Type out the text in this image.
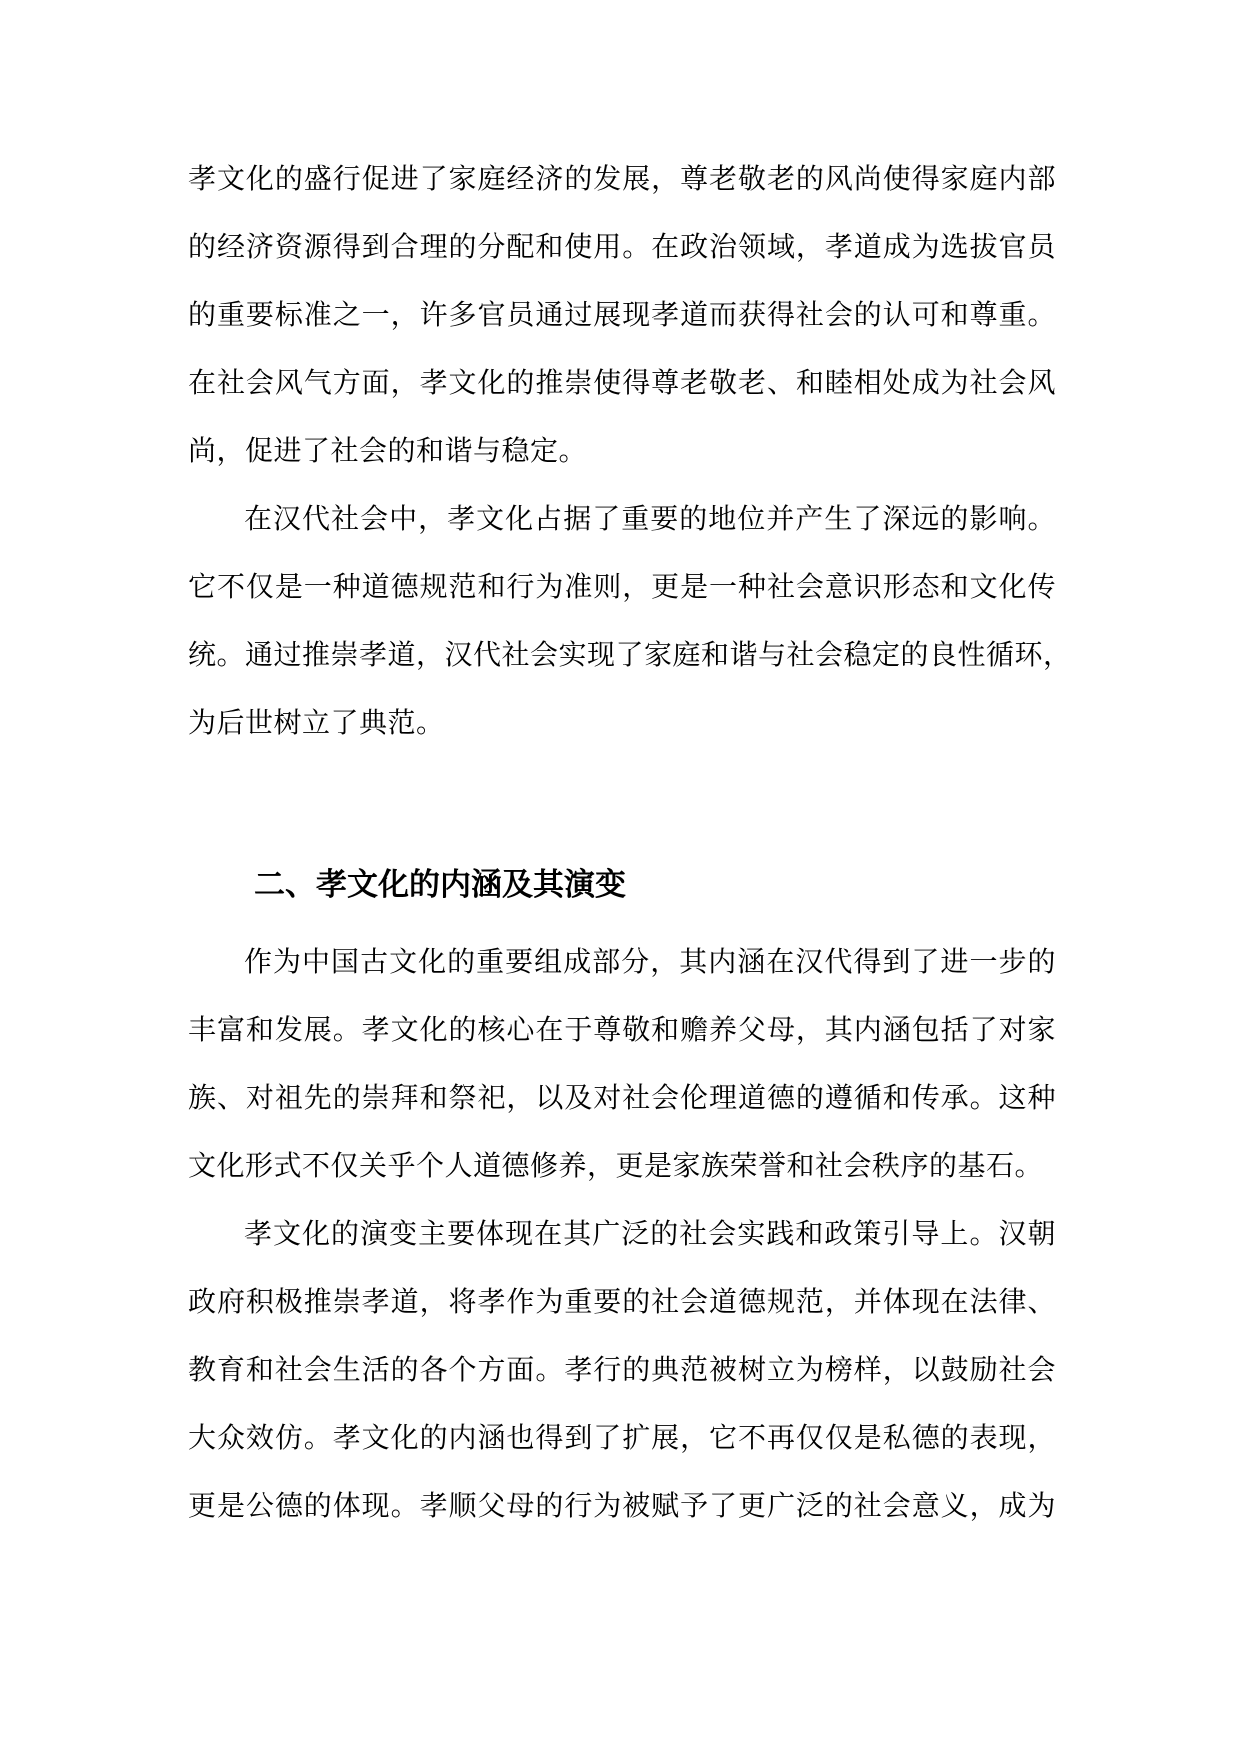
孝文化的盛行促进了家庭经济的发展，尊老敬老的风尚使得家庭内部
的经济资源得到合理的分配和使用。在政治领域，孝道成为选拔官员
的重要标准之一，许多官员通过展现孝道而获得社会的认可和尊重。
在社会风气方面，孝文化的推崇使得尊老敬老、和睦相处成为社会风
尚，促进了社会的和谐与稳定。
在汉代社会中，孝文化占据了重要的地位并产生了深远的影响。
它不仅是一种道德规范和行为准则，更是一种社会意识形态和文化传
统。通过推崇孝道，汉代社会实现了家庭和谐与社会稳定的良性循环，
为后世树立了典范。
二、孝文化的内涵及其演变
作为中国古文化的重要组成部分，其内涵在汉代得到了进一步的
丰富和发展。孝文化的核心在于尊敬和赡养父母，其内涵包括了对家
族、对祖先的崇拜和祭祀，以及对社会伦理道德的遵循和传承。这种
文化形式不仅关乎个人道德修养，更是家族荣誉和社会秩序的基石。
孝文化的演变主要体现在其广泛的社会实践和政策引导上。汉朝
政府积极推崇孝道，将孝作为重要的社会道德规范，并体现在法律、
教育和社会生活的各个方面。孝行的典范被树立为榜样，以鼓励社会
大众效仿。孝文化的内涵也得到了扩展，它不再仅仅是私德的表现，
更是公德的体现。孝顺父母的行为被赋予了更广泛的社会意义，成为
